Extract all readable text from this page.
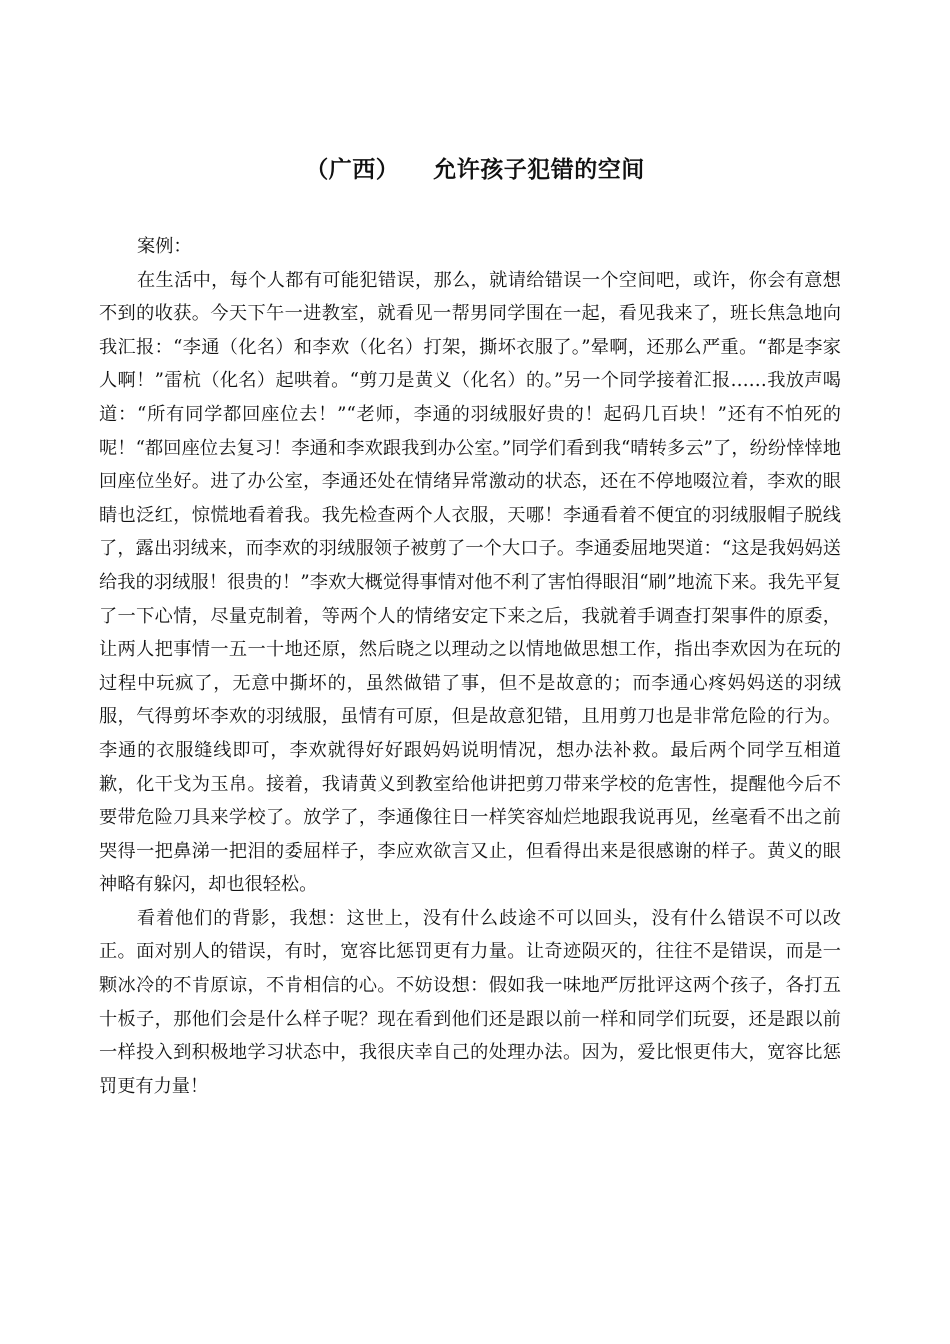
（广西） 允许孩子犯错的空间

案例：

在生活中，每个人都有可能犯错误，那么，就请给错误一个空间吧，或许，你会有意想不到的收获。今天下午一进教室，就看见一帮男同学围在一起，看见我来了，班长焦急地向我汇报：“李通（化名）和李欢（化名）打架，撕坏衣服了。”晕啊，还那么严重。“都是李家人啊！”雷杭（化名）起哄着。“剪刀是黄义（化名）的。”另一个同学接着汇报……我放声喝道：“所有同学都回座位去！”“老师，李通的羽绒服好贵的！起码几百块！”还有不怕死的呢！“都回座位去复习！李通和李欢跟我到办公室。”同学们看到我“晴转多云”了，纷纷悻悻地回座位坐好。进了办公室，李通还处在情绪异常激动的状态，还在不停地啜泣着，李欢的眼睛也泛红，惊慌地看着我。我先检查两个人衣服，天哪！李通看着不便宜的羽绒服帽子脱线了，露出羽绒来，而李欢的羽绒服领子被剪了一个大口子。李通委屈地哭道：“这是我妈妈送给我的羽绒服！很贵的！”李欢大概觉得事情对他不利了害怕得眼泪“刷”地流下来。我先平复了一下心情，尽量克制着，等两个人的情绪安定下来之后，我就着手调查打架事件的原委，让两人把事情一五一十地还原，然后晓之以理动之以情地做思想工作，指出李欢因为在玩的过程中玩疯了，无意中撕坏的，虽然做错了事，但不是故意的；而李通心疼妈妈送的羽绒服，气得剪坏李欢的羽绒服，虽情有可原，但是故意犯错，且用剪刀也是非常危险的行为。李通的衣服缝线即可，李欢就得好好跟妈妈说明情况，想办法补救。最后两个同学互相道歉，化干戈为玉帛。接着，我请黄义到教室给他讲把剪刀带来学校的危害性，提醒他今后不要带危险刀具来学校了。放学了，李通像往日一样笑容灿烂地跟我说再见，丝毫看不出之前哭得一把鼻涕一把泪的委屈样子，李应欢欲言又止，但看得出来是很感谢的样子。黄义的眼神略有躲闪，却也很轻松。

看着他们的背影，我想：这世上，没有什么歧途不可以回头，没有什么错误不可以改正。面对别人的错误，有时，宽容比惩罚更有力量。让奇迹陨灭的，往往不是错误，而是一颗冰冷的不肯原谅，不肯相信的心。不妨设想：假如我一味地严厉批评这两个孩子，各打五十板子，那他们会是什么样子呢？现在看到他们还是跟以前一样和同学们玩耍，还是跟以前一样投入到积极地学习状态中，我很庆幸自己的处理办法。因为，爱比恨更伟大，宽容比惩罚更有力量！
